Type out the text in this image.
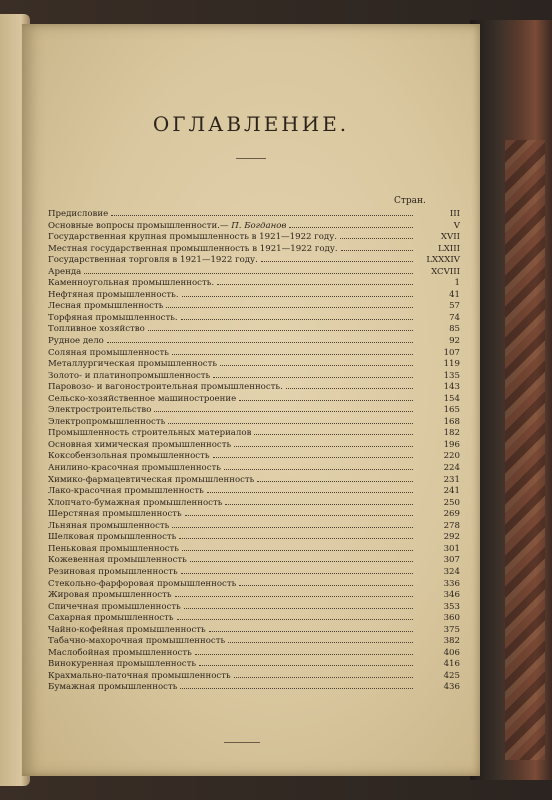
ОГЛАВЛЕНИЕ.
Стран.
Предисловие	III
Основные вопросы промышленности.— П. Богданов	V
Государственная крупная промышленность в 1921—1922 году.	XVII
Местная государственная промышленность в 1921—1922 году.	LXIII
Государственная торговля в 1921—1922 году.	LXXXIV
Аренда	XCVIII
Каменноугольная промышленность.	1
Нефтяная промышленность.	41
Лесная промышленность	57
Торфяная промышленность.	74
Топливное хозяйство	85
Рудное дело	92
Соляная промышленность	107
Металлургическая промышленность	119
Золото- и платинопромышленность	135
Паровозо- и вагоностроительная промышленность.	143
Сельско-хозяйственное машиностроение	154
Электростроительство	165
Электропромышленность	168
Промышленность строительных материалов	182
Основная химическая промышленность	196
Коксобензольная промышленность	220
Анилино-красочная промышленность	224
Химико-фармацевтическая промышленность	231
Лако-красочная промышленность	241
Хлопчато-бумажная промышленность	250
Шерстяная промышленность	269
Льняная промышленность	278
Шелковая промышленность	292
Пеньковая промышленность	301
Кожевенная промышленность	307
Резиновая промышленность	324
Стекольно-фарфоровая промышленность	336
Жировая промышленность	346
Спичечная промышленность	353
Сахарная промышленность	360
Чайно-кофейная промышленность	375
Табачно-махорочная промышленность	382
Маслобойная промышленность	406
Винокуренная промышленность	416
Крахмально-паточная промышленность	425
Бумажная промышленность	436
